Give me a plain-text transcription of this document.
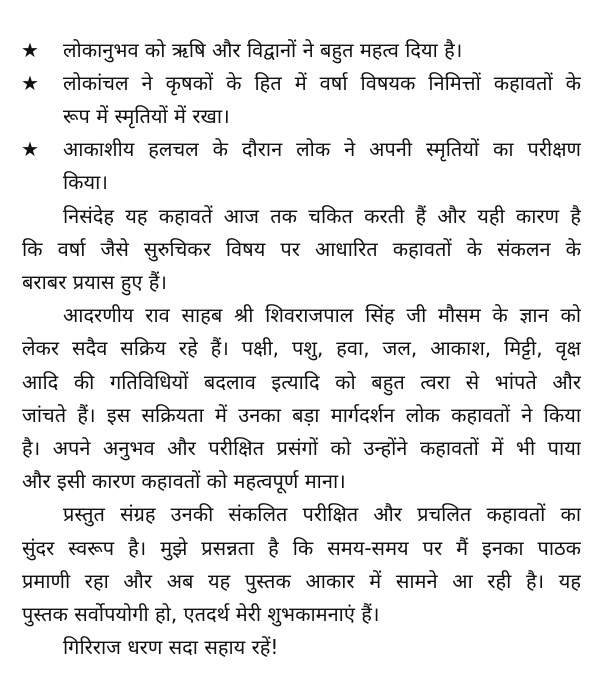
★ लोकानुभव को ऋषि और विद्वानों ने बहुत महत्व दिया है।
★ लोकांचल ने कृषकों के हित में वर्षा विषयक निमित्तों कहावतों के
रूप में स्मृतियों में रखा।
★ आकाशीय हलचल के दौरान लोक ने अपनी स्मृतियों का परीक्षण
किया।
निसंदेह यह कहावतें आज तक चकित करती हैं और यही कारण है
कि वर्षा जैसे सुरुचिकर विषय पर आधारित कहावतों के संकलन के
बराबर प्रयास हुए हैं।
आदरणीय राव साहब श्री शिवराजपाल सिंह जी मौसम के ज्ञान को
लेकर सदैव सक्रिय रहे हैं। पक्षी, पशु, हवा, जल, आकाश, मिट्टी, वृक्ष
आदि की गतिविधियों बदलाव इत्यादि को बहुत त्वरा से भांपते और
जांचते हैं। इस सक्रियता में उनका बड़ा मार्गदर्शन लोक कहावतों ने किया
है। अपने अनुभव और परीक्षित प्रसंगों को उन्होंने कहावतों में भी पाया
और इसी कारण कहावतों को महत्वपूर्ण माना।
प्रस्तुत संग्रह उनकी संकलित परीक्षित और प्रचलित कहावतों का
सुंदर स्वरूप है। मुझे प्रसन्नता है कि समय-समय पर मैं इनका पाठक
प्रमाणी रहा और अब यह पुस्तक आकार में सामने आ रही है। यह
पुस्तक सर्वोपयोगी हो, एतदर्थ मेरी शुभकामनाएं हैं।
गिरिराज धरण सदा सहाय रहें!
